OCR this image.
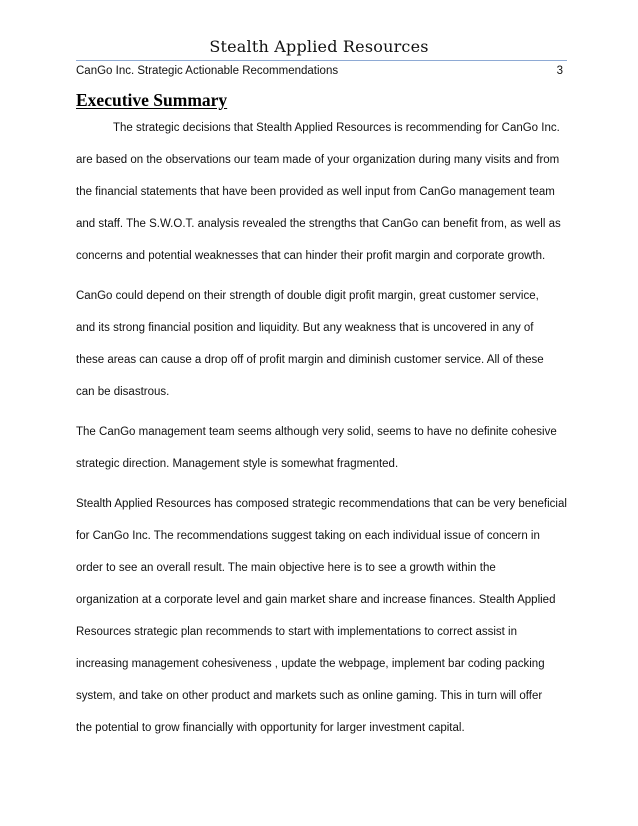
Stealth Applied Resources
CanGo Inc. Strategic Actionable Recommendations	3
Executive Summary
The strategic decisions that Stealth Applied Resources is recommending for CanGo Inc.
are based on the observations our team made of your organization during many visits and from
the financial statements that have been provided as well input from CanGo management team
and staff. The S.W.O.T. analysis revealed the strengths that CanGo can benefit from, as well as
concerns and potential weaknesses that can hinder their profit margin and corporate growth.
CanGo could depend on their strength of double digit profit margin, great customer service,
and its strong financial position and liquidity. But any weakness that is uncovered in any of
these areas can cause a drop off of profit margin and diminish customer service. All of these
can be disastrous.
The CanGo management team seems although very solid, seems to have no definite cohesive
strategic direction. Management style is somewhat fragmented.
Stealth Applied Resources has composed strategic recommendations that can be very beneficial
for CanGo Inc. The recommendations suggest taking on each individual issue of concern in
order to see an overall result. The main objective here is to see a growth within the
organization at a corporate level and gain market share and increase finances. Stealth Applied
Resources strategic plan recommends to start with implementations to correct assist in
increasing management cohesiveness , update the webpage, implement bar coding packing
system, and take on other product and markets such as online gaming. This in turn will offer
the potential to grow financially with opportunity for larger investment capital.
